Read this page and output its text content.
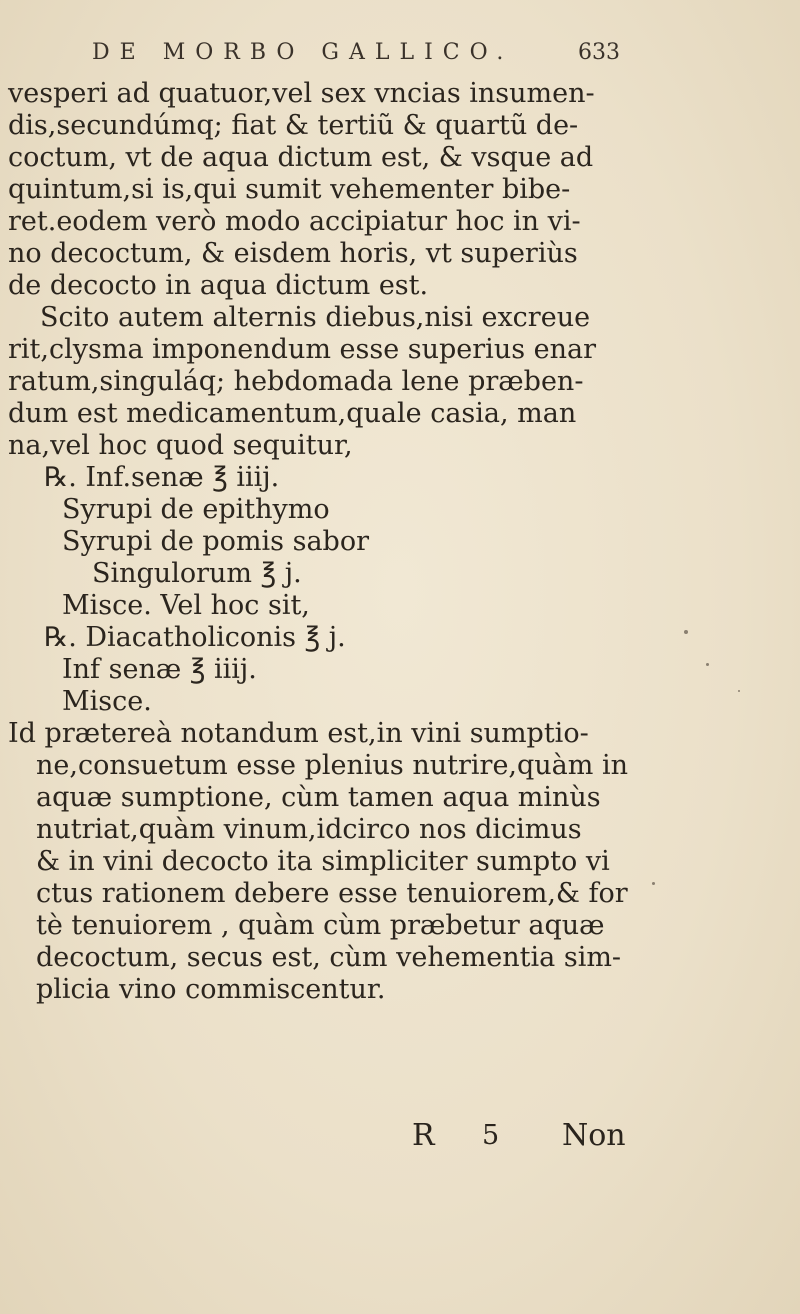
DE MORBO GALLICO.	633
vesperi ad quatuor,vel sex vncias insumen-
dis,secundúmq; fiat & tertiũ & quartũ de-
coctum, vt de aqua dictum est, & vsque ad
quintum,si is,qui sumit vehementer bibe-
ret.eodem verò modo accipiatur hoc in vi-
no decoctum, & eisdem horis, vt superiùs
de decocto in aqua dictum est.
Scito autem alternis diebus,nisi excreue
rit,clysma imponendum esse superius enar
ratum,singuláq; hebdomada lene præben-
dum est medicamentum,quale casia, man
na,vel hoc quod sequitur,
℞. Inf.senæ ℥ iiij.
Syrupi de epithymo
Syrupi de pomis sabor
Singulorum ℥ j.
Misce. Vel hoc sit,
℞. Diacatholiconis ℥ j.
Inf senæ ℥ iiij.
Misce.
Id prætereà notandum est,in vini sumptio-
ne,consuetum esse plenius nutrire,quàm in
aquæ sumptione, cùm tamen aqua minùs
nutriat,quàm vinum,idcirco nos dicimus
& in vini decocto ita simpliciter sumpto vi
ctus rationem debere esse tenuiorem,& for
tè tenuiorem , quàm cùm præbetur aquæ
decoctum, secus est, cùm vehementia sim-
plicia vino commiscentur.
R 5 Non
